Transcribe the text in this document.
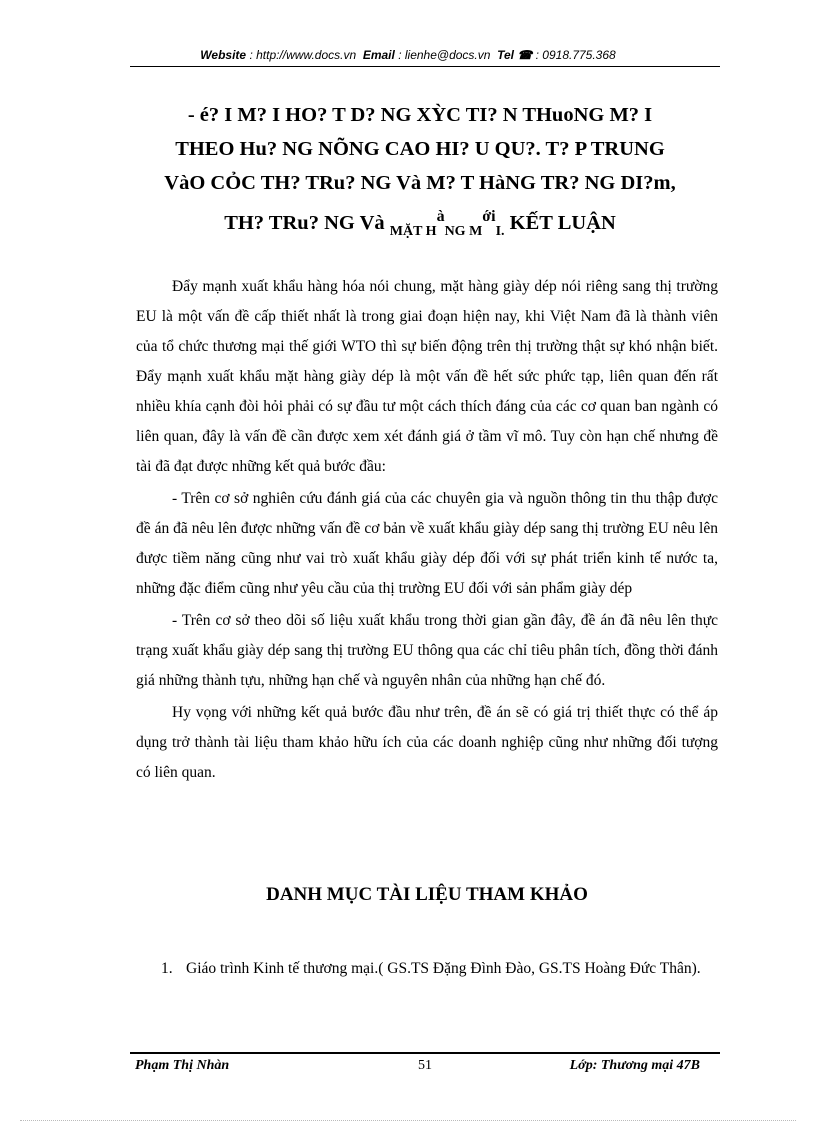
Website : http://www.docs.vn Email : lienhe@docs.vn Tel ☎ : 0918.775.368
- é? I M? I HO? T D? NG XỲC TI? N THuoNG M? I
THEO Hu? NG NÕNG CAO HI? U QU?. T? P TRUNG
VàO CỎC TH? TRu? NG Và M? T HàNG TR? NG DI?m,
TH? TRu? NG Và $_{MẶT H}^à_{NG M}^{ới}_{I.}$ KẾT LUẬN

Đẩy mạnh xuất khẩu hàng hóa nói chung, mặt hàng giày dép nói riêng sang thị trường EU là một vấn đề cấp thiết nhất là trong giai đoạn hiện nay, khi Việt Nam đã là thành viên của tổ chức thương mại thế giới WTO thì sự biến động trên thị trường thật sự khó nhận biết. Đẩy mạnh xuất khẩu mặt hàng giày dép là một vấn đề hết sức phức tạp, liên quan đến rất nhiều khía cạnh đòi hỏi phải có sự đầu tư một cách thích đáng của các cơ quan ban ngành có liên quan, đây là vấn đề cần được xem xét đánh giá ở tầm vĩ mô. Tuy còn hạn chế nhưng đề tài đã đạt được những kết quả bước đầu:

- Trên cơ sở nghiên cứu đánh giá của các chuyên gia và nguồn thông tin thu thập được đề án đã nêu lên được những vấn đề cơ bản về xuất khẩu giày dép sang thị trường EU nêu lên được tiềm năng cũng như vai trò xuất khẩu giày dép đối với sự phát triển kinh tế nước ta, những đặc điểm cũng như yêu cầu của thị trường EU đối với sản phẩm giày dép

- Trên cơ sở theo dõi số liệu xuất khẩu trong thời gian gần đây, đề án đã nêu lên thực trạng xuất khẩu giày dép sang thị trường EU thông qua các chỉ tiêu phân tích, đồng thời đánh giá những thành tựu, những hạn chế và nguyên nhân của những hạn chế đó.

Hy vọng với những kết quả bước đầu như trên, đề án sẽ có giá trị thiết thực có thể áp dụng trở thành tài liệu tham khảo hữu ích của các doanh nghiệp cũng như những đối tượng có liên quan.

DANH MỤC TÀI LIỆU THAM KHẢO
1. Giáo trình Kinh tế thương mại.( GS.TS Đặng Đình Đào, GS.TS Hoàng Đức Thân).
Phạm Thị Nhàn	51	Lớp: Thương mại 47B
